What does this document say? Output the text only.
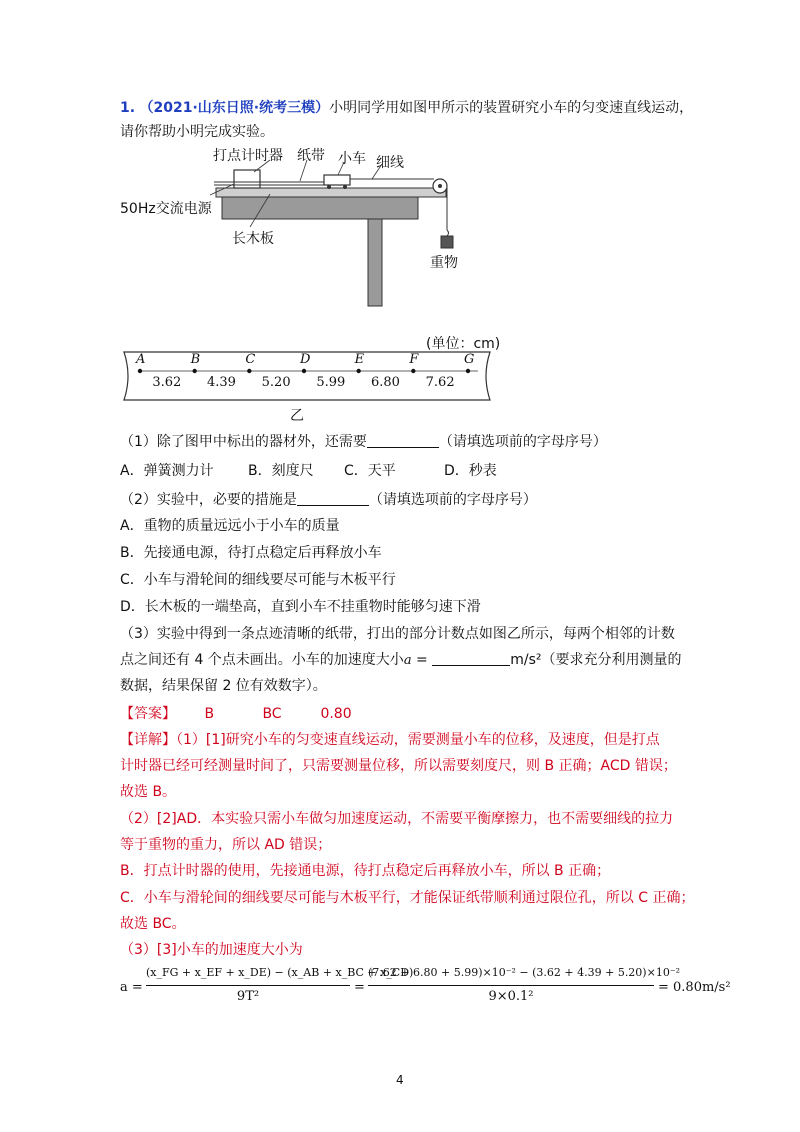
1. （2021·山东日照·统考三模）小明同学用如图甲所示的装置研究小车的匀变速直线运动，
请你帮助小明完成实验。
打点计时器 纸带 小车 细线
50Hz交流电源
长木板
重物
(单位：cm)
A	B	C	D	E	F	G
3.62 4.39 5.20 5.99 6.80 7.62
乙
（1）除了图甲中标出的器材外，还需要	（请填选项前的字母序号）
A．弹簧测力计 B．刻度尺 C．天平	D．秒表
（2）实验中，必要的措施是	（请填选项前的字母序号）
A．重物的质量远远小于小车的质量
B．先接通电源，待打点稳定后再释放小车
C．小车与滑轮间的细线要尽可能与木板平行
D．长木板的一端垫高，直到小车不挂重物时能够匀速下滑
（3）实验中得到一条点迹清晰的纸带，打出的部分计数点如图乙所示，每两个相邻的计数
点之间还有 4 个点未画出。小车的加速度大小a =	m/s²（要求充分利用测量的
数据，结果保留 2 位有效数字）。
【答案】 B	BC	0.80
【详解】（1）[1]研究小车的匀变速直线运动，需要测量小车的位移，及速度，但是打点
计时器已经可经测量时间了，只需要测量位移，所以需要刻度尺，则 B 正确；ACD 错误；
故选 B。
（2）[2]AD．本实验只需小车做匀加速度运动，不需要平衡摩擦力，也不需要细线的拉力
等于重物的重力，所以 AD 错误；
B．打点计时器的使用，先接通电源，待打点稳定后再释放小车，所以 B 正确；
C．小车与滑轮间的细线要尽可能与木板平行，才能保证纸带顺利通过限位孔，所以 C 正确；
故选 BC。
（3）[3]小车的加速度大小为
a =
(x_FG + x_EF + x_DE) − (x_AB + x_BC + x_CD)
9T²
=
(7.62 + 6.80 + 5.99)×10⁻² − (3.62 + 4.39 + 5.20)×10⁻²
9×0.1²
= 0.80m/s²
4
